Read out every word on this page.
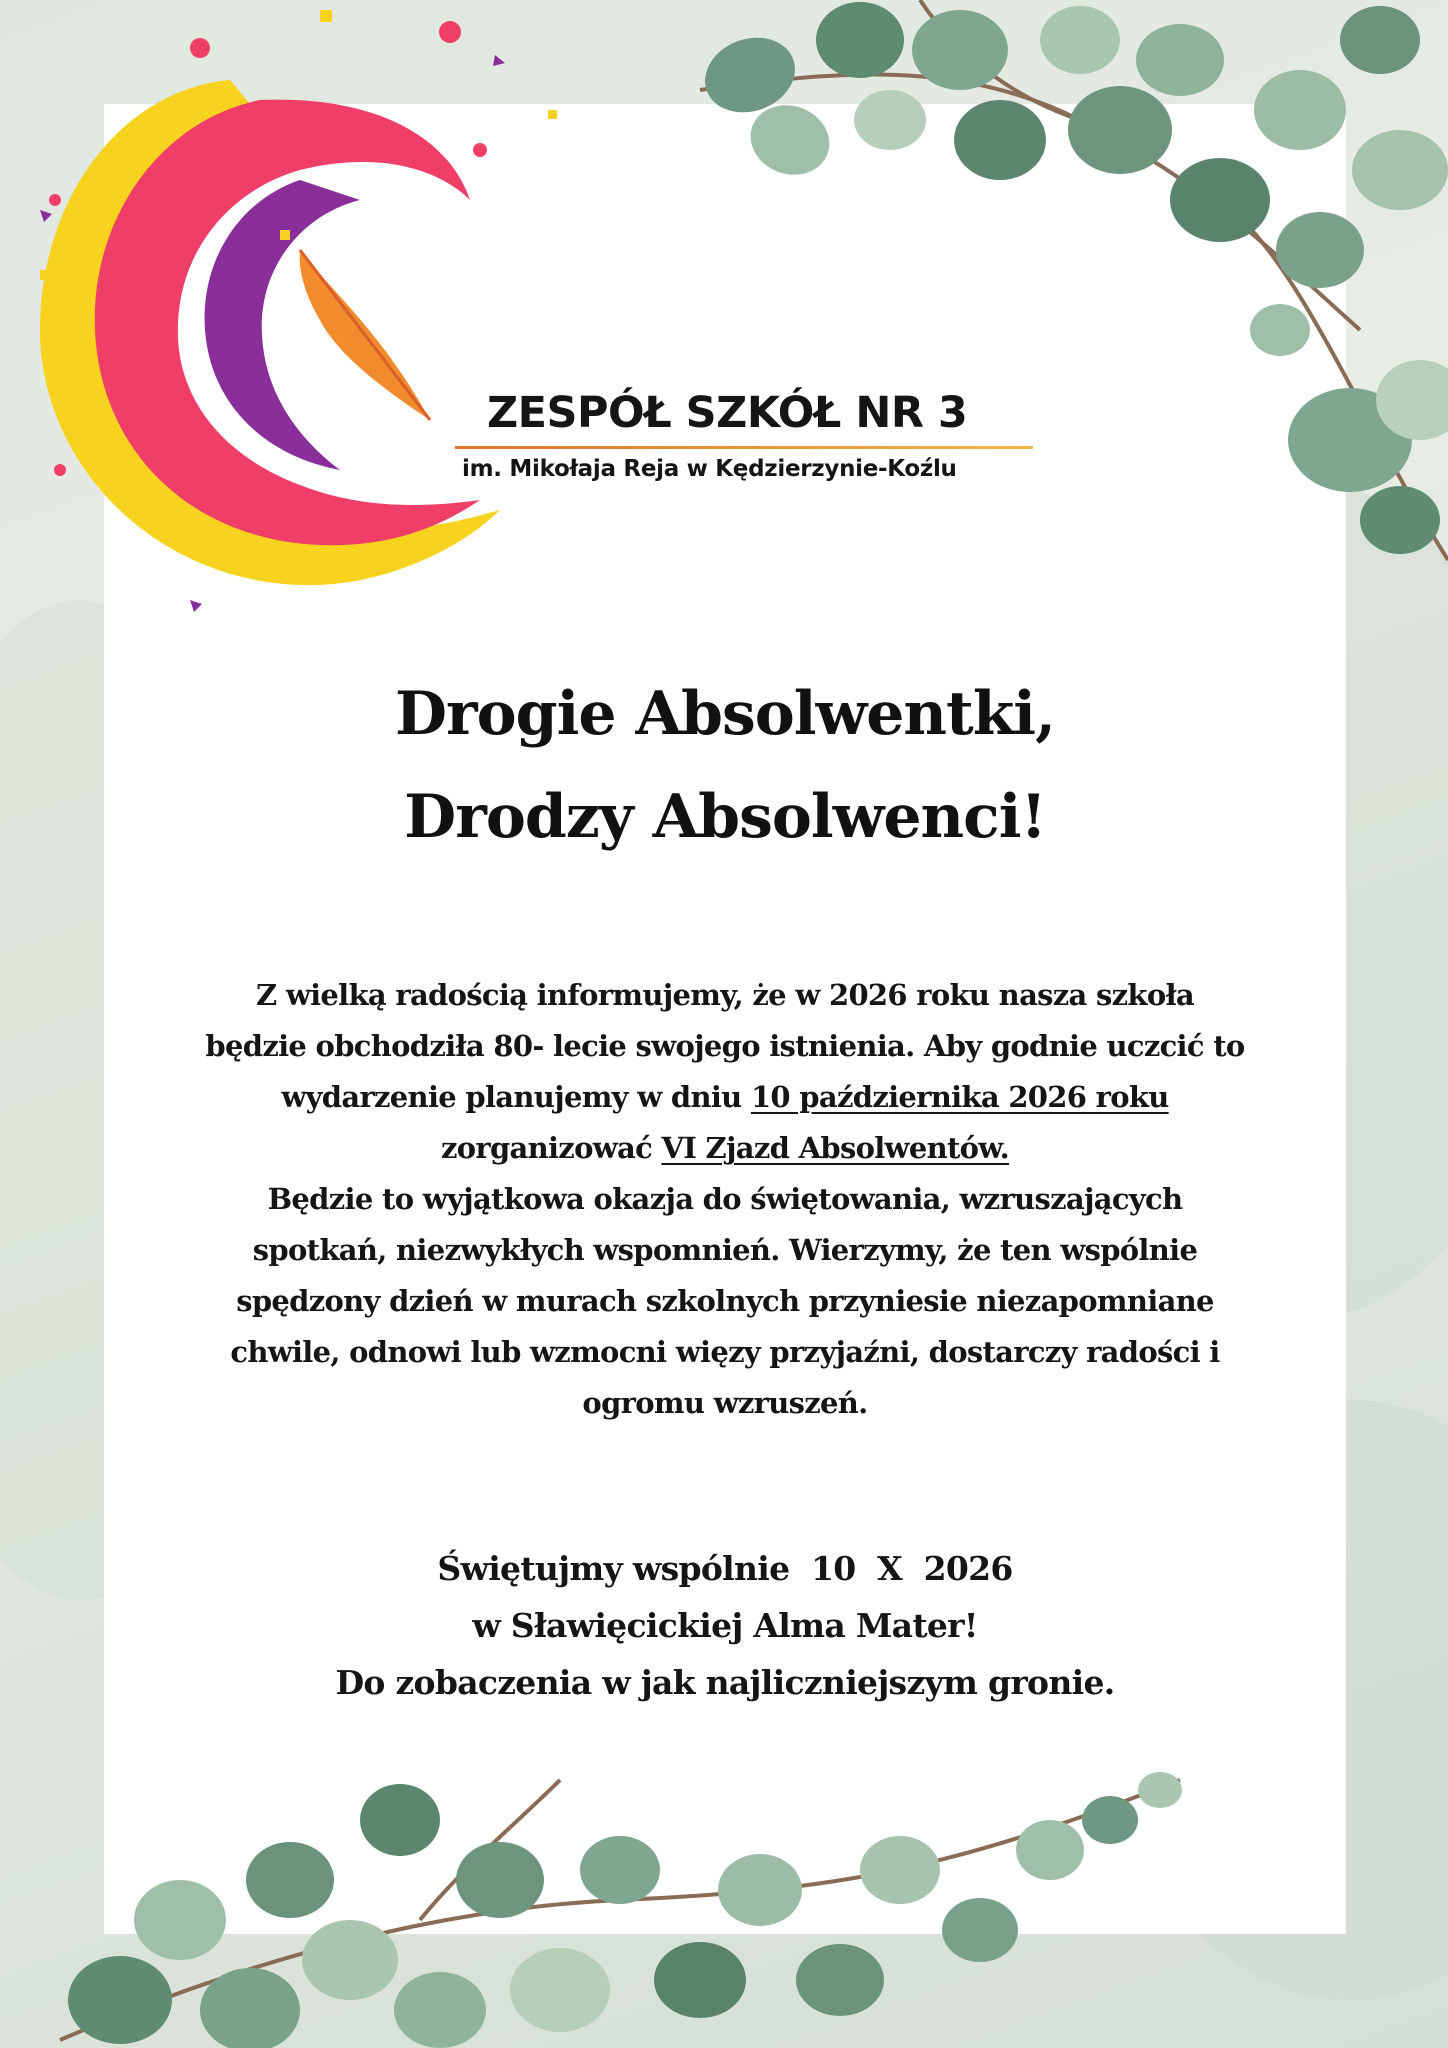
ZESPÓŁ SZKÓŁ NR 3
im. Mikołaja Reja w Kędzierzynie-Koźlu
Drogie Absolwentki,
Drodzy Absolwenci!
Z wielką radością informujemy, że w 2026 roku nasza szkoła
będzie obchodziła 80- lecie swojego istnienia. Aby godnie uczcić to
wydarzenie planujemy w dniu 10 października 2026 roku
zorganizować VI Zjazd Absolwentów.
Będzie to wyjątkowa okazja do świętowania, wzruszających
spotkań, niezwykłych wspomnień. Wierzymy, że ten wspólnie
spędzony dzień w murach szkolnych przyniesie niezapomniane
chwile, odnowi lub wzmocni więzy przyjaźni, dostarczy radości i
ogromu wzruszeń.
Świętujmy wspólnie  10  X  2026
w Sławięcickiej Alma Mater!
Do zobaczenia w jak najliczniejszym gronie.
